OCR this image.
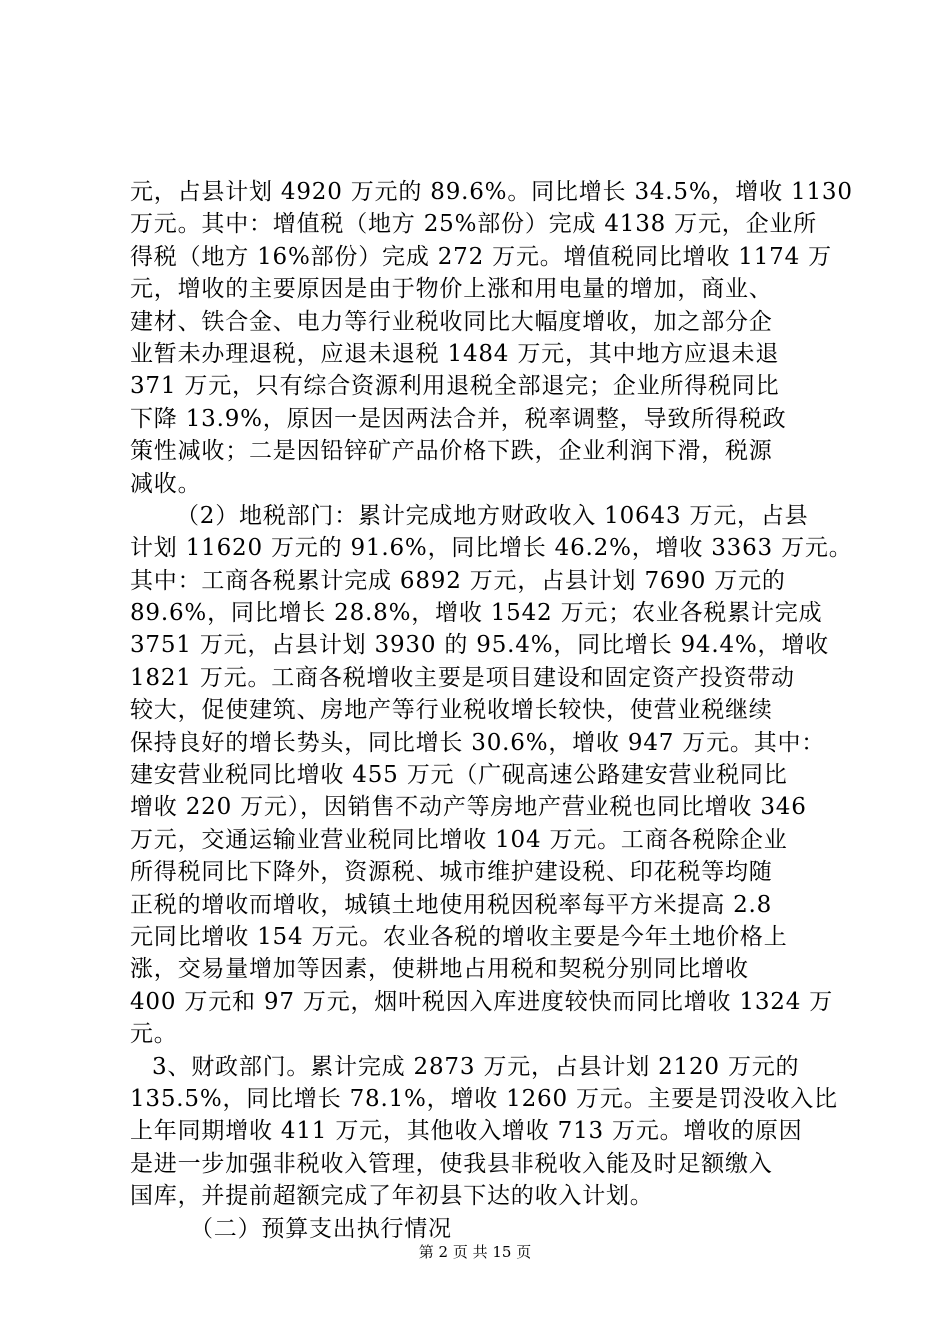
元，占县计划 4920 万元的 89.6%。同比增长 34.5%，增收 1130
万元。其中：增值税（地方 25%部份）完成 4138 万元，企业所
得税（地方 16%部份）完成 272 万元。增值税同比增收 1174 万
元，增收的主要原因是由于物价上涨和用电量的增加，商业、
建材、铁合金、电力等行业税收同比大幅度增收，加之部分企
业暂未办理退税，应退未退税 1484 万元，其中地方应退未退
371 万元，只有综合资源利用退税全部退完；企业所得税同比
下降 13.9%，原因一是因两法合并，税率调整，导致所得税政
策性减收；二是因铅锌矿产品价格下跌，企业利润下滑，税源
减收。
（2）地税部门：累计完成地方财政收入 10643 万元，占县
计划 11620 万元的 91.6%，同比增长 46.2%，增收 3363 万元。
其中：工商各税累计完成 6892 万元，占县计划 7690 万元的
89.6%，同比增长 28.8%，增收 1542 万元；农业各税累计完成
3751 万元，占县计划 3930 的 95.4%，同比增长 94.4%，增收
1821 万元。工商各税增收主要是项目建设和固定资产投资带动
较大，促使建筑、房地产等行业税收增长较快，使营业税继续
保持良好的增长势头，同比增长 30.6%，增收 947 万元。其中：
建安营业税同比增收 455 万元（广砚高速公路建安营业税同比
增收 220 万元），因销售不动产等房地产营业税也同比增收 346
万元，交通运输业营业税同比增收 104 万元。工商各税除企业
所得税同比下降外，资源税、城市维护建设税、印花税等均随
正税的增收而增收，城镇土地使用税因税率每平方米提高 2.8
元同比增收 154 万元。农业各税的增收主要是今年土地价格上
涨，交易量增加等因素，使耕地占用税和契税分别同比增收
400 万元和 97 万元，烟叶税因入库进度较快而同比增收 1324 万
元。
3、财政部门。累计完成 2873 万元，占县计划 2120 万元的
135.5%，同比增长 78.1%，增收 1260 万元。主要是罚没收入比
上年同期增收 411 万元，其他收入增收 713 万元。增收的原因
是进一步加强非税收入管理，使我县非税收入能及时足额缴入
国库，并提前超额完成了年初县下达的收入计划。
（二）预算支出执行情况
第 2 页 共 15 页
